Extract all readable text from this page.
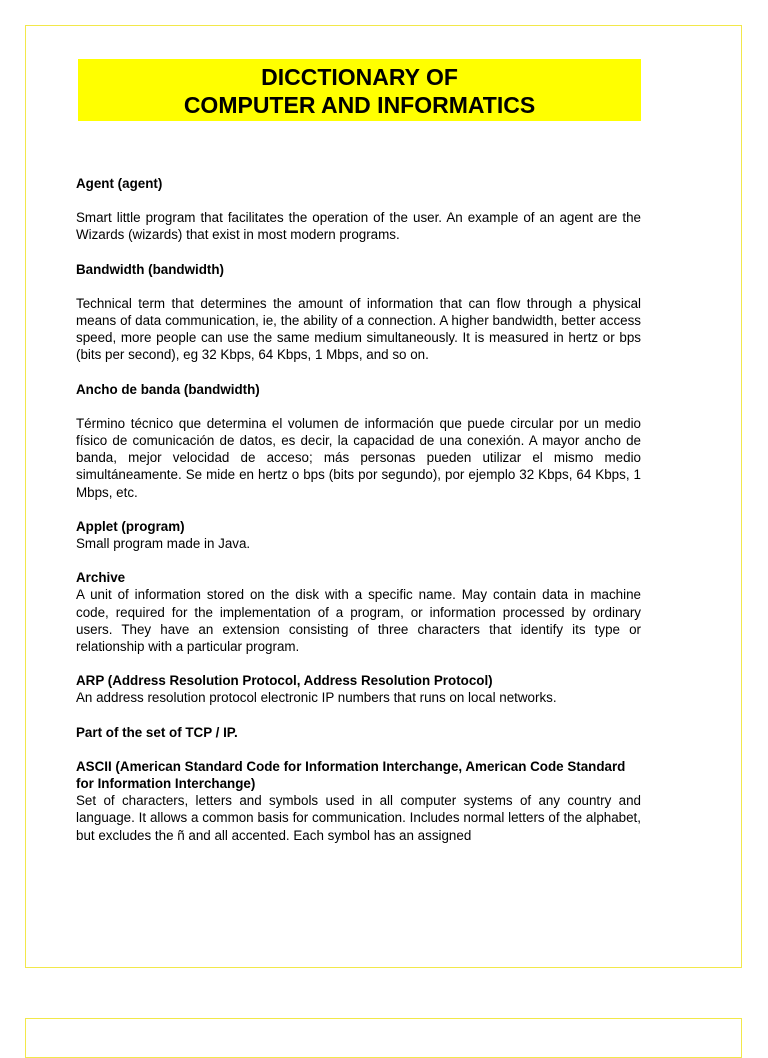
DICCTIONARY OF
COMPUTER AND INFORMATICS
Agent (agent)
Smart little program that facilitates the operation of the user. An example of an agent are the Wizards (wizards) that exist in most modern programs.
Bandwidth (bandwidth)
Technical term that determines the amount of information that can flow through a physical means of data communication, ie, the ability of a connection. A higher bandwidth, better access speed, more people can use the same medium simultaneously. It is measured in hertz or bps (bits per second), eg 32 Kbps, 64 Kbps, 1 Mbps, and so on.
Ancho de banda (bandwidth)
Término técnico que determina el volumen de información que puede circular por un medio físico de comunicación de datos, es decir, la capacidad de una conexión. A mayor ancho de banda, mejor velocidad de acceso; más personas pueden utilizar el mismo medio simultáneamente. Se mide en hertz o bps (bits por segundo), por ejemplo 32 Kbps, 64 Kbps, 1 Mbps, etc.
Applet (program)
Small program made in Java.
Archive
A unit of information stored on the disk with a specific name. May contain data in machine code, required for the implementation of a program, or information processed by ordinary users. They have an extension consisting of three characters that identify its type or relationship with a particular program.
ARP (Address Resolution Protocol, Address Resolution Protocol)
An address resolution protocol electronic IP numbers that runs on local networks.
Part of the set of TCP / IP.
ASCII (American Standard Code for Information Interchange, American Code Standard for Information Interchange)
Set of characters, letters and symbols used in all computer systems of any country and language. It allows a common basis for communication. Includes normal letters of the alphabet, but excludes the ñ and all accented. Each symbol has an assigned
